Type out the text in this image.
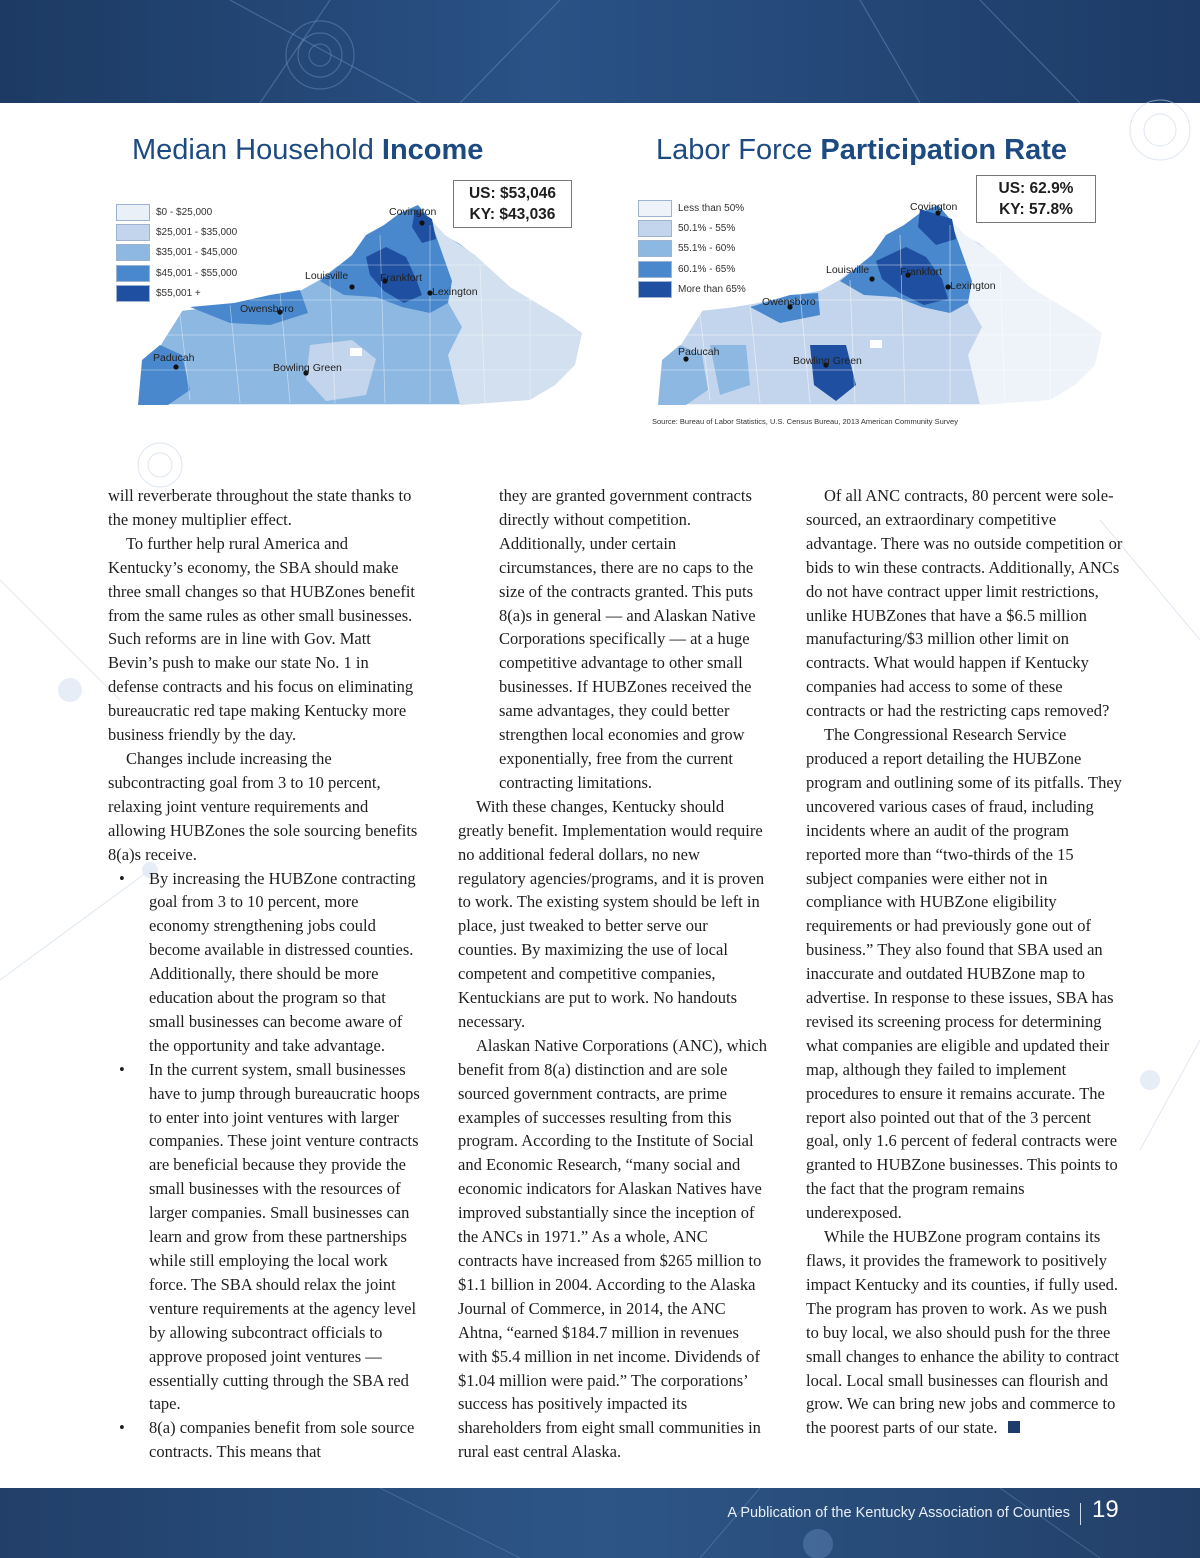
Median Household Income	Labor Force Participation Rate
Covington
Louisville	Frankfort
Lexington
Owensboro
Paducah
Bowling Green
$0 - $25,000
$25,001 - $35,000
$35,001 - $45,000
$45,001 - $55,000
$55,001 +
US: $53,046
KY: $43,036	Covington
Louisville	Frankfort
Lexington
Owensboro
Paducah
Bowling Green
Less than 50%
50.1% - 55%
55.1% - 60%
60.1% - 65%
More than 65%
US: 62.9%
KY: 57.8%
Source: Bureau of Labor Statistics, U.S. Census Bureau, 2013 American Community Survey

will reverberate throughout the state thanks to the money multiplier effect.

To further help rural America and Kentucky’s economy, the SBA should make three small changes so that HUBZones benefit from the same rules as other small businesses. Such reforms are in line with Gov. Matt Bevin’s push to make our state No. 1 in defense contracts and his focus on eliminating bureaucratic red tape making Kentucky more business friendly by the day.

Changes include increasing the subcontracting goal from 3 to 10 percent, relaxing joint venture requirements and allowing HUBZones the sole sourcing benefits 8(a)s receive.

• By increasing the HUBZone contracting goal from 3 to 10 percent, more economy strengthening jobs could become available in distressed counties. Additionally, there should be more education about the program so that small businesses can become aware of the opportunity and take advantage.
• In the current system, small businesses have to jump through bureaucratic hoops to enter into joint ventures with larger companies. These joint venture contracts are beneficial because they provide the small businesses with the resources of larger companies. Small businesses can learn and grow from these partnerships while still employing the local work force. The SBA should relax the joint venture requirements at the agency level by allowing subcontract officials to approve proposed joint ventures — essentially cutting through the SBA red tape.
• 8(a) companies benefit from sole source contracts. This means that

they are granted government contracts directly without competition. Additionally, under certain circumstances, there are no caps to the size of the contracts granted. This puts 8(a)s in general — and Alaskan Native Corporations specifically — at a huge competitive advantage to other small businesses. If HUBZones received the same advantages, they could better strengthen local economies and grow exponentially, free from the current contracting limitations.

With these changes, Kentucky should greatly benefit. Implementation would require no additional federal dollars, no new regulatory agencies/programs, and it is proven to work. The existing system should be left in place, just tweaked to better serve our counties. By maximizing the use of local competent and competitive companies, Kentuckians are put to work. No handouts necessary.

Alaskan Native Corporations (ANC), which benefit from 8(a) distinction and are sole sourced government contracts, are prime examples of successes resulting from this program. According to the Institute of Social and Economic Research, “many social and economic indicators for Alaskan Natives have improved substantially since the inception of the ANCs in 1971.” As a whole, ANC contracts have increased from $265 million to $1.1 billion in 2004. According to the Alaska Journal of Commerce, in 2014, the ANC Ahtna, “earned $184.7 million in revenues with $5.4 million in net income. Dividends of $1.04 million were paid.” The corporations’ success has positively impacted its shareholders from eight small communities in rural east central Alaska.

Of all ANC contracts, 80 percent were sole-sourced, an extraordinary competitive advantage. There was no outside competition or bids to win these contracts. Additionally, ANCs do not have contract upper limit restrictions, unlike HUBZones that have a $6.5 million manufacturing/$3 million other limit on contracts. What would happen if Kentucky companies had access to some of these contracts or had the restricting caps removed?

The Congressional Research Service produced a report detailing the HUBZone program and outlining some of its pitfalls. They uncovered various cases of fraud, including incidents where an audit of the program reported more than “two-thirds of the 15 subject companies were either not in compliance with HUBZone eligibility requirements or had previously gone out of business.” They also found that SBA used an inaccurate and outdated HUBZone map to advertise. In response to these issues, SBA has revised its screening process for determining what companies are eligible and updated their map, although they failed to implement procedures to ensure it remains accurate. The report also pointed out that of the 3 percent goal, only 1.6 percent of federal contracts were granted to HUBZone businesses. This points to the fact that the program remains underexposed.

While the HUBZone program contains its flaws, it provides the framework to positively impact Kentucky and its counties, if fully used. The program has proven to work. As we push to buy local, we also should push for the three small changes to enhance the ability to contract local. Local small businesses can flourish and grow. We can bring new jobs and commerce to the poorest parts of our state.

A Publication of the Kentucky Association of Counties 19
